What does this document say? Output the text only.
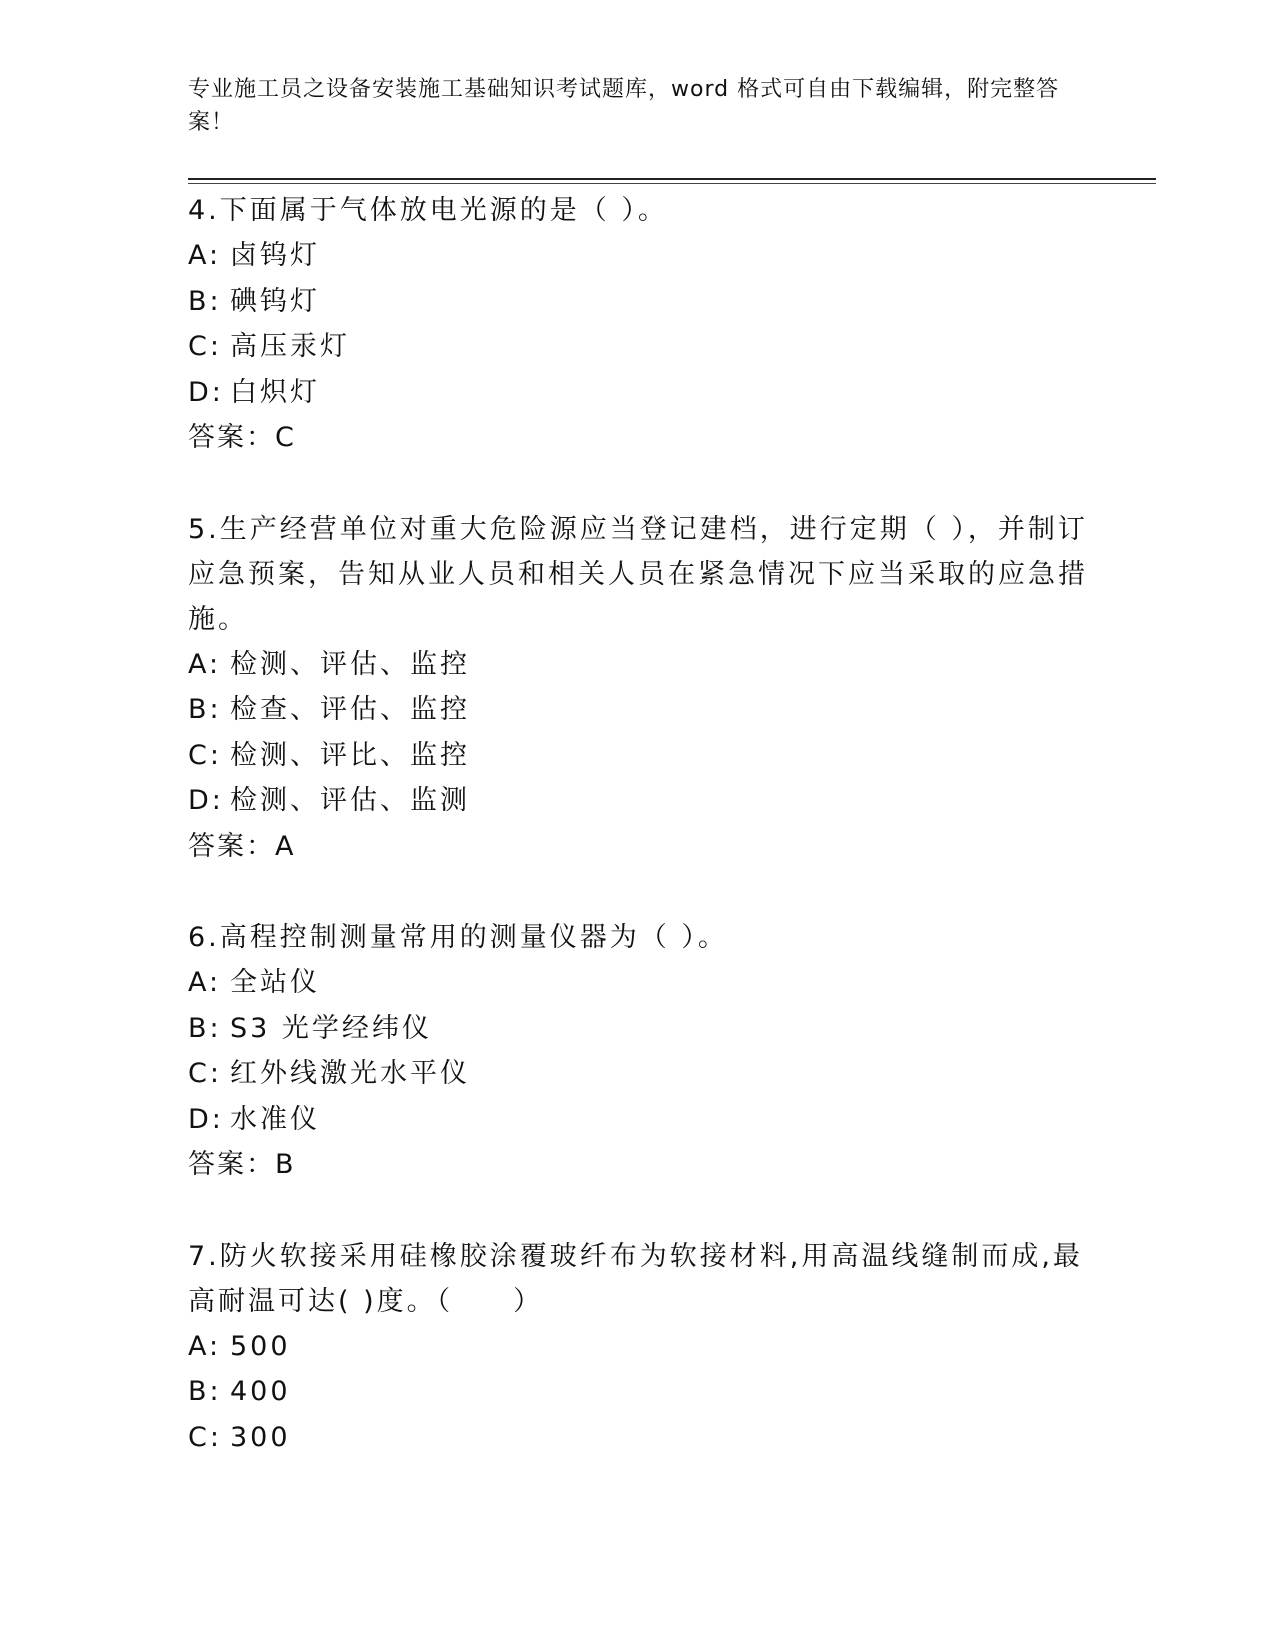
专业施工员之设备安装施工基础知识考试题库，word 格式可自由下载编辑，附完整答案！
4.下面属于气体放电光源的是（ ）。
A: 卤钨灯
B: 碘钨灯
C: 高压汞灯
D: 白炽灯
答案：C
5.生产经营单位对重大危险源应当登记建档，进行定期（ ），并制订应急预案，告知从业人员和相关人员在紧急情况下应当采取的应急措施。
A: 检测、评估、监控
B: 检查、评估、监控
C: 检测、评比、监控
D: 检测、评估、监测
答案：A
6.高程控制测量常用的测量仪器为（ ）。
A: 全站仪
B: S3 光学经纬仪
C: 红外线激光水平仪
D: 水准仪
答案：B
7.防火软接采用硅橡胶涂覆玻纤布为软接材料,用高温线缝制而成,最高耐温可达( )度。（　　）
A: 500
B: 400
C: 300
